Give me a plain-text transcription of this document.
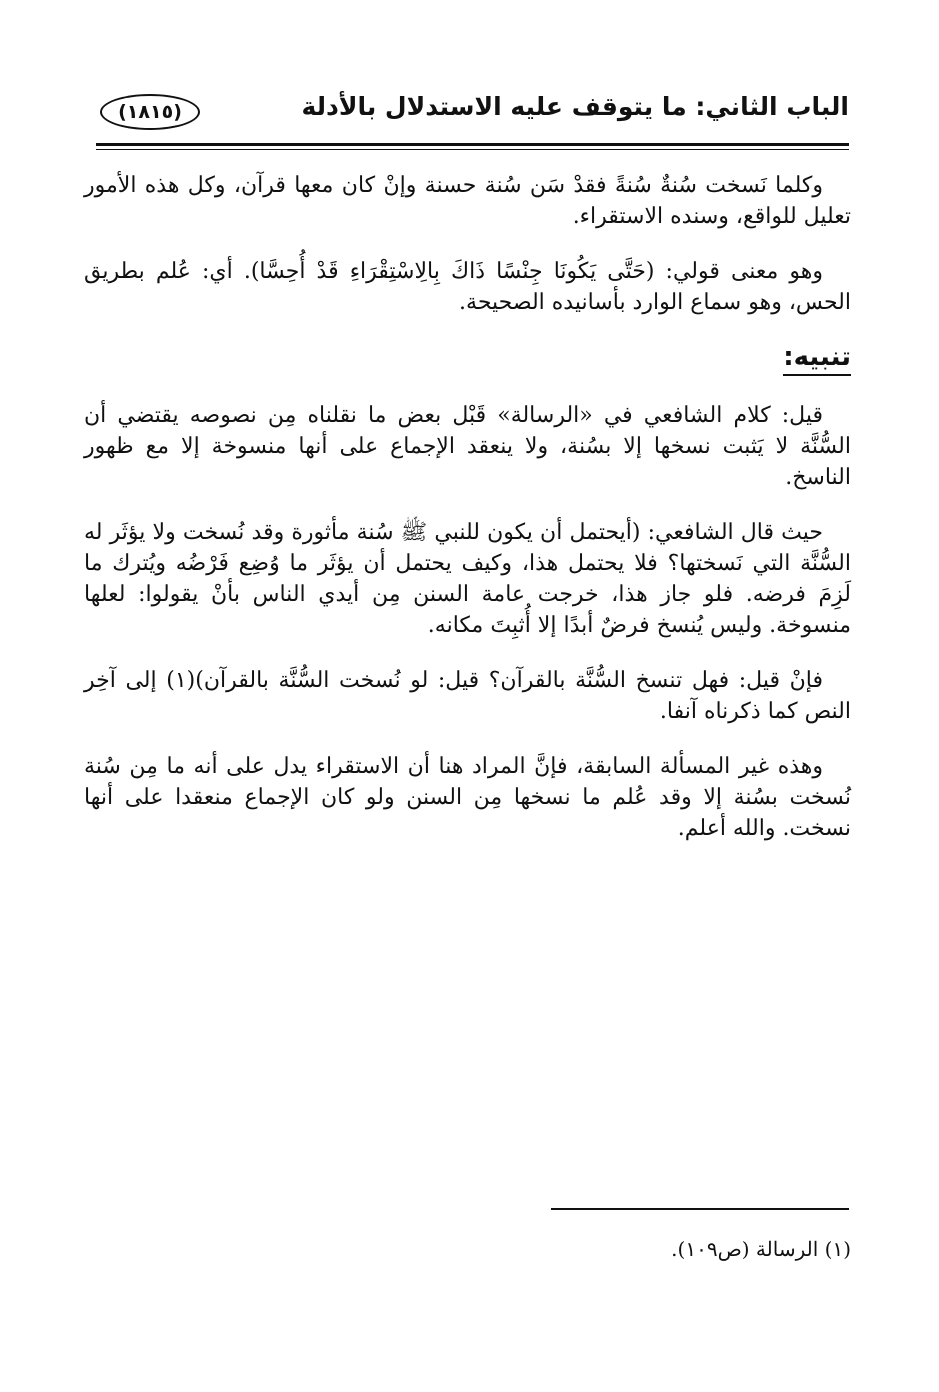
الباب الثاني: ما يتوقف عليه الاستدلال بالأدلة
(١٨١٥)

وكلما نَسخت سُنةٌ سُنةً فقدْ سَن سُنة حسنة وإنْ كان معها قرآن، وكل هذه الأمور تعليل للواقع، وسنده الاستقراء.

وهو معنى قولي: (حَتَّى يَكُونَا جِنْسًا ذَاكَ بِالِاسْتِقْرَاءِ قَدْ أُحِسَّا). أي: عُلم بطريق الحس، وهو سماع الوارد بأسانيده الصحيحة.

تنبيه:

قيل: كلام الشافعي في «الرسالة» قَبْل بعض ما نقلناه مِن نصوصه يقتضي أن السُّنَّة لا يَثبت نسخها إلا بسُنة، ولا ينعقد الإجماع على أنها منسوخة إلا مع ظهور الناسخ.

حيث قال الشافعي: (أيحتمل أن يكون للنبي ﷺ سُنة مأثورة وقد نُسخت ولا يؤثَر له السُّنَّة التي نَسختها؟ فلا يحتمل هذا، وكيف يحتمل أن يؤثَر ما وُضِع فَرْضُه ويُترك ما لَزِمَ فرضه. فلو جاز هذا، خرجت عامة السنن مِن أيدي الناس بأنْ يقولوا: لعلها منسوخة. وليس يُنسخ فرضٌ أبدًا إلا أُثبِتَ مكانه.

فإنْ قيل: فهل تنسخ السُّنَّة بالقرآن؟ قيل: لو نُسخت السُّنَّة بالقرآن)(١) إلى آخِر النص كما ذكرناه آنفا.

وهذه غير المسألة السابقة، فإنَّ المراد هنا أن الاستقراء يدل على أنه ما مِن سُنة نُسخت بسُنة إلا وقد عُلم ما نسخها مِن السنن ولو كان الإجماع منعقدا على أنها نسخت. والله أعلم.

(١) الرسالة (ص١٠٩).
